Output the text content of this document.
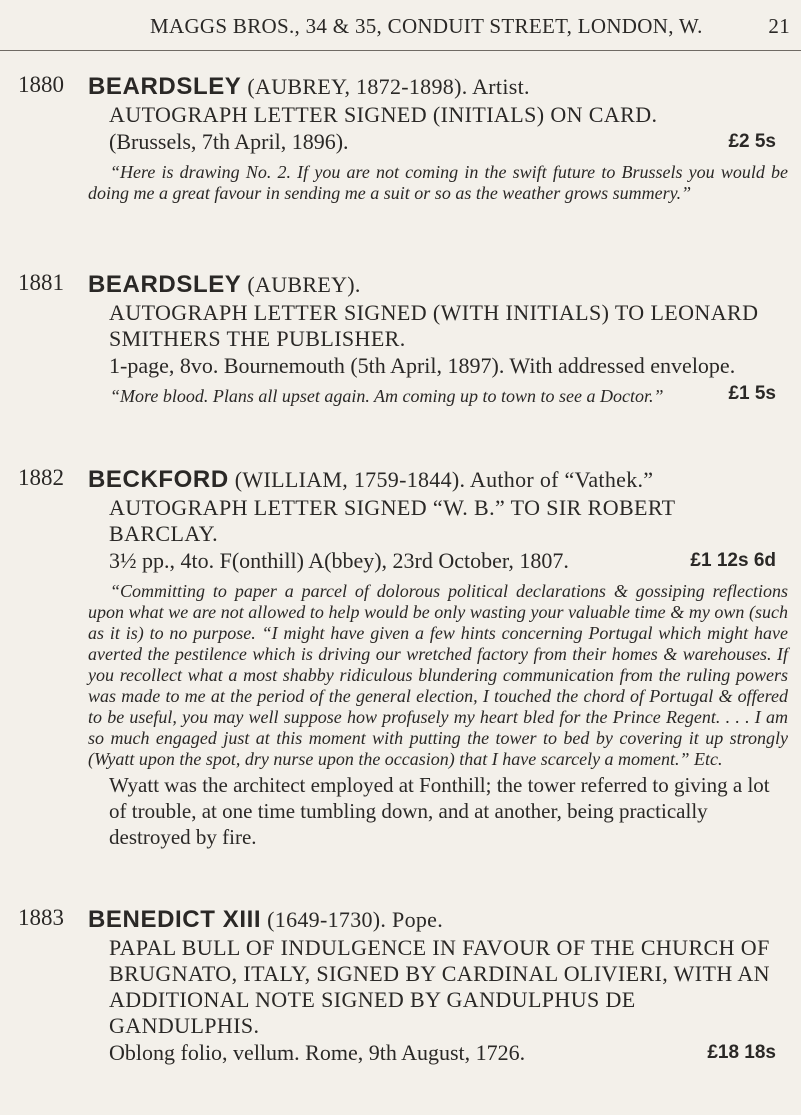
MAGGS BROS., 34 & 35, CONDUIT STREET, LONDON, W.	21
1880 BEARDSLEY (AUBREY, 1872-1898). Artist.

AUTOGRAPH LETTER SIGNED (INITIALS) ON CARD.

(Brussels, 7th April, 1896).	£2 5s

“Here is drawing No. 2. If you are not coming in the swift future to Brussels you would be doing me a great favour in sending me a suit or so as the weather grows summery.”

1881 BEARDSLEY (AUBREY).

AUTOGRAPH LETTER SIGNED (WITH INITIALS) TO LEONARD SMITHERS THE PUBLISHER.

1-page, 8vo. Bournemouth (5th April, 1897). With addressed envelope.
£1 5s

“More blood. Plans all upset again. Am coming up to town to see a Doctor.”

1882 BECKFORD (WILLIAM, 1759-1844). Author of “Vathek.”

AUTOGRAPH LETTER SIGNED “W. B.” TO SIR ROBERT BARCLAY.

3½ pp., 4to. F(onthill) A(bbey), 23rd October, 1807.	£1 12s 6d

“Committing to paper a parcel of dolorous political declarations & gossiping reflections upon what we are not allowed to help would be only wasting your valuable time & my own (such as it is) to no purpose. “I might have given a few hints concerning Portugal which might have averted the pestilence which is driving our wretched factory from their homes & warehouses. If you recollect what a most shabby ridiculous blundering communication from the ruling powers was made to me at the period of the general election, I touched the chord of Portugal & offered to be useful, you may well suppose how profusely my heart bled for the Prince Regent. . . . I am so much engaged just at this moment with putting the tower to bed by covering it up strongly (Wyatt upon the spot, dry nurse upon the occasion) that I have scarcely a moment.” Etc.

Wyatt was the architect employed at Fonthill; the tower referred to giving a lot of trouble, at one time tumbling down, and at another, being practically destroyed by fire.

1883 BENEDICT XIII (1649-1730). Pope.

PAPAL BULL OF INDULGENCE IN FAVOUR OF THE CHURCH OF BRUGNATO, ITALY, SIGNED BY CARDINAL OLIVIERI, WITH AN ADDITIONAL NOTE SIGNED BY GANDULPHUS DE GANDULPHIS.

Oblong folio, vellum. Rome, 9th August, 1726.	£18 18s
